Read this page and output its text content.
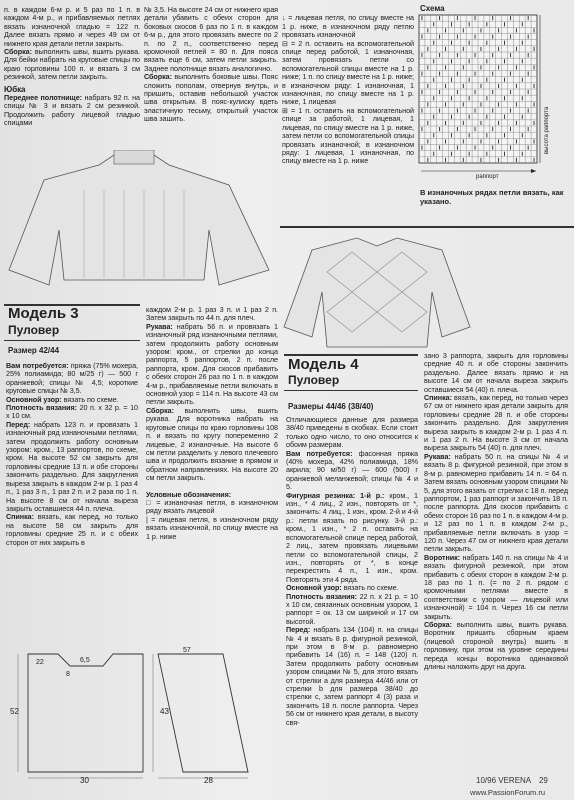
п. в каждом 6-м р. и 5 раз по 1 п. в каждом 4-м р., и прибавляемых петлях вязать изнаночной гладью = 122 п. Далее вязать прямо и через 49 см от нижнего края детали петли закрыть.

Сборка: выполнить швы, вшить рукава. Для бейки набрать на круговые спицы по краю горловины 100 п. и вязать 3 см резинкой, затем петли закрыть.

Юбка

Переднее полотнище: набрать 92 п. на спицы № 3 и вязать 2 см резинкой. Продолжить работу лицевой гладью спицами

№ 3,5. На высоте 24 см от нижнего края детали убавить с обеих сторон для боковых скосов 6 раз по 1 п. в каждом 6-м р., для этого провязать вместе по 2 п. по 2 п., соответственно перед кромочной петлей = 80 п. Для пояса вязать еще 6 см, затем петли закрыть. Заднее полотнище вязать аналогично.

Сборка: выполнить боковые швы. Пояс сложить пополам, отвернув внутрь, и пришить, оставив небольшой участок шва открытым. В пояс-кулиску вдеть эластичную тесьму, открытый участок шва зашить.

↓ = лицевая петля, по спицу вместе на 1 р. ниже, в изнаночном ряду петлю провязать изнаночной
⊟ = 2 п. оставить на вспомогательной спице перед работой, 1 изнаночная, затем провязать петли со вспомогательной спицы вместе на 1 р. ниже; 1 п. по спицу вместе на 1 р. ниже; в изнаночном ряду: 1 изнаночная, 1 изнаночная, по спицу вместе на 1 р. ниже, 1 лицевая
⊞ = 1 п. оставить на вспомогательной спице за работой, 1 лицевая, 1 лицевая, по спицу вместе на 1 р. ниже, затем петли со вспомогательной спицы провязать изнаночной; в изнаночном ряду: 1 лицевая, 1 изнаночная, по спицу вместе на 1 р. ниже

Схема
высота раппорта
раппорт
В изнаночных рядах петли вязать, как указано.
Модель 3
Пуловер
Размер 42/44

Вам потребуется: пряжа (75% мохера, 25% полиамида; 80 м/25 г) — 500 г оранжевой; спицы № 4,5; короткие круговые спицы № 3,5.

Основной узор: вязать по схеме.

Плотность вязания: 20 п. х 32 р. = 10 х 10 см.

Перед: набрать 123 п. и провязать 1 изнаночный ряд изнаночными петлями, затем продолжить работу основным узором: кром., 13 раппортов, по схеме, кром. На высоте 52 см закрыть для горловины средние 13 п. и обе стороны закончить раздельно. Для закругления выреза закрыть в каждом 2-м р. 1 раз 4 п., 1 раз 3 п., 1 раз 2 п. и 2 раза по 1 п. На высоте 8 см от начала выреза закрыть оставшиеся 44 п. плеча.

Спинка: вязать, как перед, но только на высоте 58 см закрыть для горловины средние 25 п. и с обеих сторон от них закрыть в

каждом 2-м р. 1 раз 3 п. и 1 раз 2 п. Затем закрыть по 44 п. для плеч.

Рукава: набрать 56 п. и провязать 1 изнаночный ряд изнаночными петлями, затем продолжить работу основным узором: кром., от стрелки до конца раппорта, 5 раппортов, 2 п. после раппорта, кром. Для скосов прибавить с обеих сторон 26 раз по 1 п. в каждом 4-м р., прибавляемые петли включать в основной узор = 114 п. На высоте 43 см петли закрыть.

Сборка: выполнить швы, вшить рукава. Для воротника набрать на круговые спицы по краю горловины 108 п. и вязать по кругу попеременно 2 лицевые, 2 изнаночные. На высоте 6 см петли разделить у левого плечевого шва и продолжить вязание в прямом и обратном направлениях. На высоте 20 см петли закрыть.

Условные обозначения:

□ = изнаночная петля, в изнаночном ряду вязать лицевой
| = лицевая петля, в изнаночном ряду вязать изнаночной, по спицу вместе на 1 р. ниже

30
52
8
22	6,5
43
28
57
Модель 4
Пуловер
Размеры 44/46 (38/40)

Отличающиеся данные для размера 38/40 приведены в скобках. Если стоит только одно число, то оно относится к обоим размерам.

Вам потребуется: фасонная пряжа (40% мохера, 42% полиамида, 18% акрила; 90 м/50 г) — 600 (500) г оранжевой меланжевой; спицы № 4 и 5.

Фигурная резинка: 1-й р.: кром., 1 изн., * 4 лиц., 2 изн., повторять от *, закончить: 4 лиц., 1 изн., кром. 2-й и 4-й р.: петли вязать по рисунку. 3-й р.: кром., 1 изн., * 2 п. оставить на вспомогательной спице перед работой, 2 лиц., затем провязать лицевыми петли со вспомогательной спицы, 2 изн., повторять от *, в конце перекрестить 4 п., 1 изн., кром. Повторять эти 4 ряда.

Основной узор: вязать по схеме.

Плотность вязания: 22 п. х 21 р. = 10 х 10 см, связанных основным узором, 1 раппорт = ок. 13 см шириной и 17 см высотой.

Перед: набрать 134 (104) п. на спицы № 4 и вязать 8 р. фигурной резинкой, при этом в 8-м р. равномерно прибавить 14 (16) п. = 148 (120) п. Затем продолжить работу основным узором спицами № 5, для этого вязать от стрелки а для размера 44/46 или от стрелки b для размера 38/40 до стрелки с, затем раппорт 4 (3) раза и закончить 18 п. после раппорта. Через 56 см от нижнего края детали, в высоту свя-

зано 3 раппорта, закрыть для горловины средние 40 п. и обе стороны закончить раздельно. Далее вязать прямо и на высоте 14 см от начала выреза закрыть оставшиеся 54 (40) п. плеча.

Спинка: вязать, как перед, но только через 67 см от нижнего края детали закрыть для горловины средние 28 п. и обе стороны закончить раздельно. Для закругления выреза закрыть в каждом 2-м р. 1 раз 4 п. и 1 раз 2 п. На высоте 3 см от начала выреза закрыть 54 (40) п. для плеч.

Рукава: набрать 50 п. на спицы № 4 и вязать 8 р. фигурной резинкой, при этом в 8-м р. равномерно прибавить 14 п. = 64 п. Затем вязать основным узором спицами № 5, для этого вязать от стрелки с 18 п. перед раппортом, 1 раз раппорт и закончить 18 п. после раппорта. Для скосов прибавить с обеих сторон 16 раз по 1 п. в каждом 4-м р. и 12 раз по 1 п. в каждом 2-м р., прибавляемые петли включать в узор = 120 п. Через 47 см от нижнего края детали петли закрыть.

Воротник: набрать 140 п. на спицы № 4 и вязать фигурной резинкой, при этом прибавить с обеих сторон в каждом 2-м р. 18 раз по 1 п. (= по 2 п. рядом с кромочными петлями вместе в соответствии с узором — лицевой или изнаночной) = 104 п. Через 16 см петли закрыть.

Сборка: выполнить швы, вшить рукава. Воротник пришить сборным краем (лицевой стороной внутрь) вшить в горловину, при этом на уровне середины переда концы воротника одинаковой длины наложить друг на друга.

10/96 VERENA 29
www.PassionForum.ru
